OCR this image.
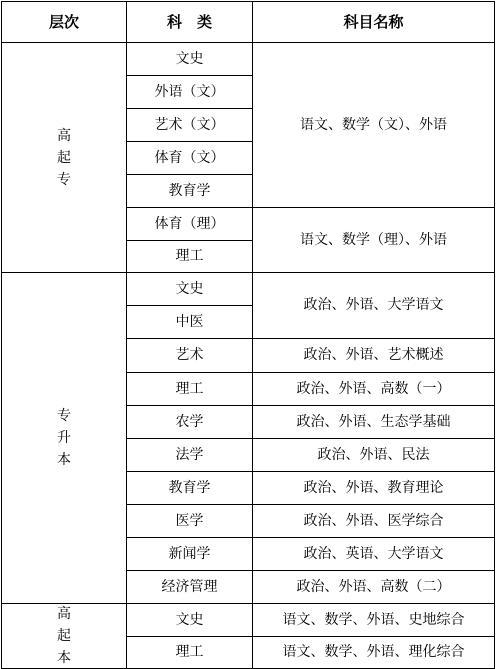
层次	科　类	科目名称
高
起
专
文史
外语（文）
艺术（文）
体育（文）
教育学
体育（理）
理工
语文、数学（文）、外语
语文、数学（理）、外语
专
升
本
文史
中医
艺术
理工
农学
法学
教育学
医学
新闻学
经济管理
政治、外语、大学语文
政治、外语、艺术概述
政治、外语、高数（一）
政治、外语、生态学基础
政治、外语、民法
政治、外语、教育理论
政治、外语、医学综合
政治、英语、大学语文
政治、外语、高数（二）
高
起
本
文史
理工
语文、数学、外语、史地综合
语文、数学、外语、理化综合
